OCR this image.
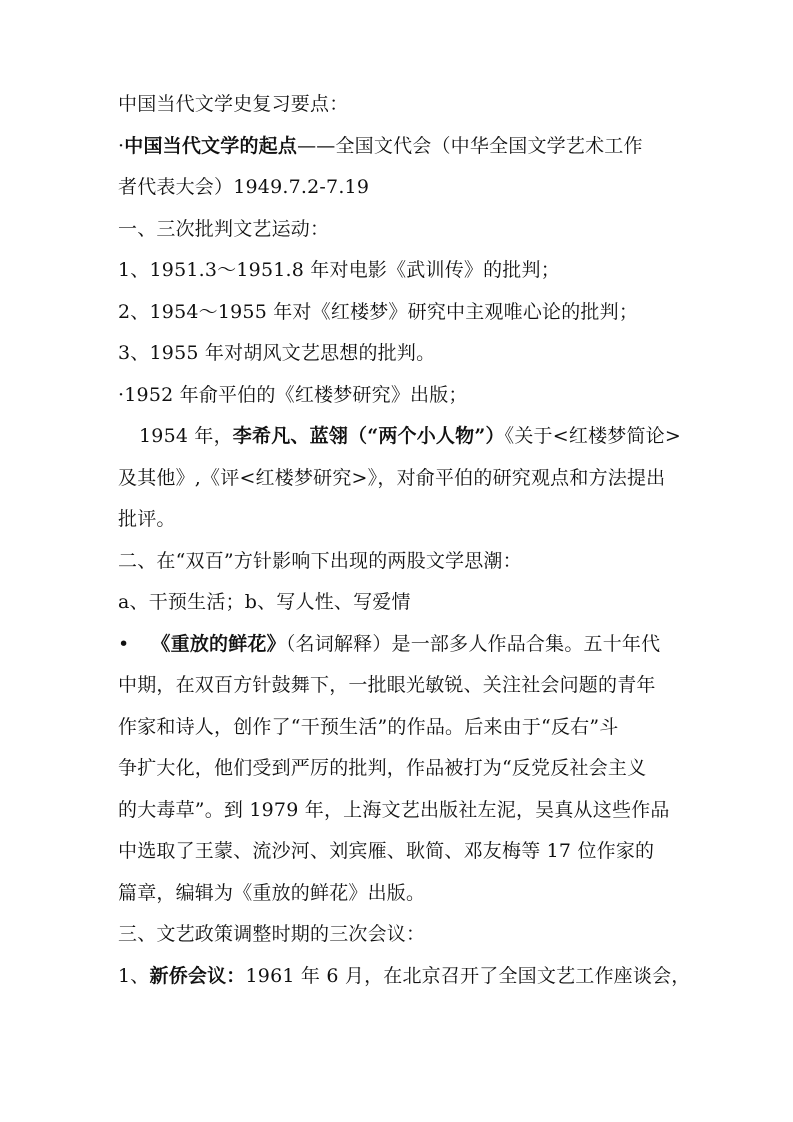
中国当代文学史复习要点：
·中国当代文学的起点——全国文代会（中华全国文学艺术工作
者代表大会）1949.7.2-7.19
一、三次批判文艺运动：
1、1951.3～1951.8 年对电影《武训传》的批判；
2、1954～1955 年对《红楼梦》研究中主观唯心论的批判；
3、1955 年对胡风文艺思想的批判。
·1952 年俞平伯的《红楼梦研究》出版；
1954 年，李希凡、蓝翎（“两个小人物”）《关于<红楼梦简论>
及其他》,《评<红楼梦研究>》，对俞平伯的研究观点和方法提出
批评。
二、在“双百”方针影响下出现的两股文学思潮：
a、干预生活；b、写人性、写爱情
• 《重放的鲜花》（名词解释）是一部多人作品合集。五十年代
中期，在双百方针鼓舞下，一批眼光敏锐、关注社会问题的青年
作家和诗人，创作了“干预生活”的作品。后来由于“反右”斗
争扩大化，他们受到严厉的批判，作品被打为“反党反社会主义
的大毒草”。到 1979 年，上海文艺出版社左泥，吴真从这些作品
中选取了王蒙、流沙河、刘宾雁、耿简、邓友梅等 17 位作家的
篇章，编辑为《重放的鲜花》出版。
三、文艺政策调整时期的三次会议：
1、新侨会议：1961 年 6 月，在北京召开了全国文艺工作座谈会，
